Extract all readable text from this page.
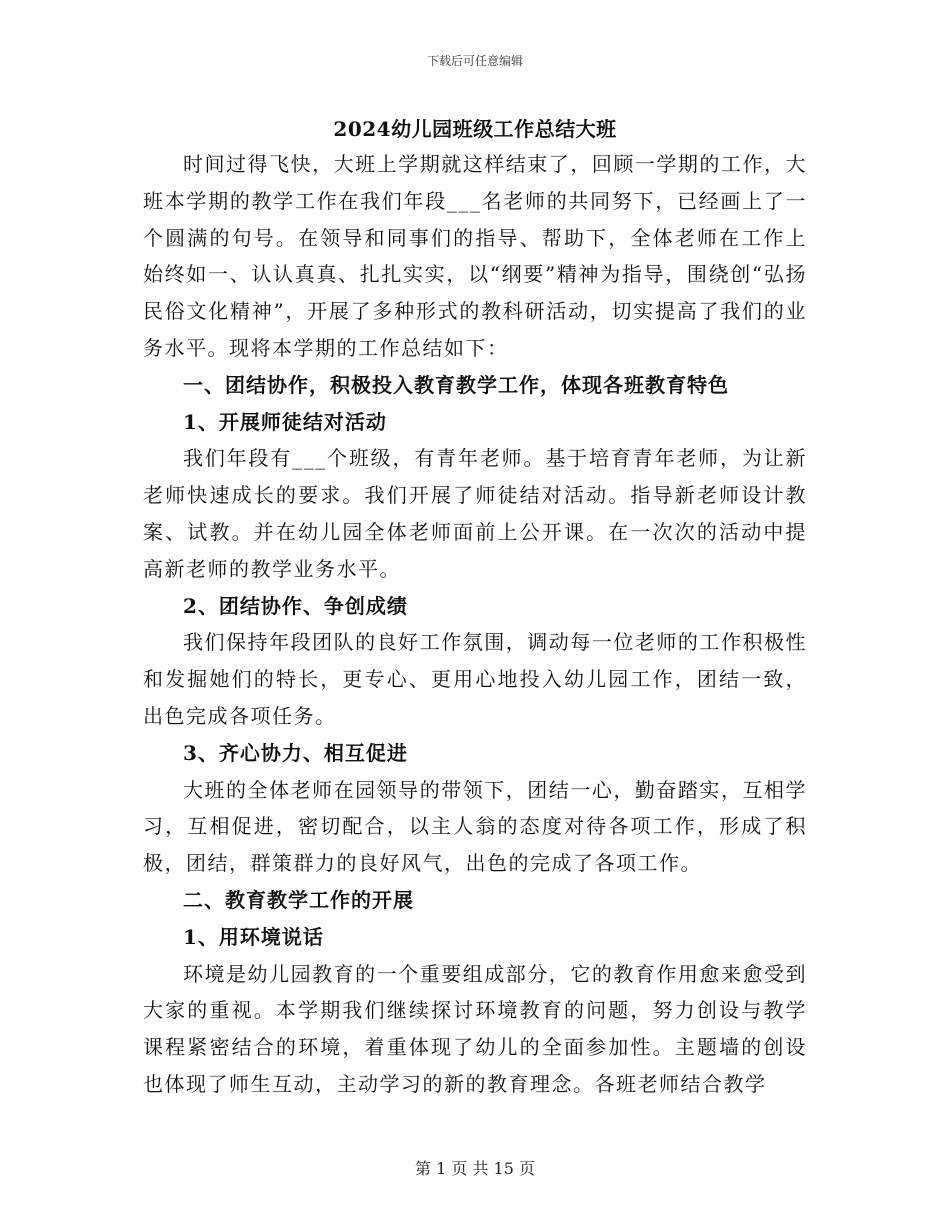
下载后可任意编辑
2024幼儿园班级工作总结大班

时间过得飞快，大班上学期就这样结束了，回顾一学期的工作，大班本学期的教学工作在我们年段___名老师的共同努下，已经画上了一个圆满的句号。在领导和同事们的指导、帮助下，全体老师在工作上始终如一、认认真真、扎扎实实，以“纲要”精神为指导，围绕创“弘扬民俗文化精神”，开展了多种形式的教科研活动，切实提高了我们的业务水平。现将本学期的工作总结如下：

一、团结协作，积极投入教育教学工作，体现各班教育特色

1、开展师徒结对活动

我们年段有___个班级，有青年老师。基于培育青年老师，为让新老师快速成长的要求。我们开展了师徒结对活动。指导新老师设计教案、试教。并在幼儿园全体老师面前上公开课。在一次次的活动中提高新老师的教学业务水平。

2、团结协作、争创成绩

我们保持年段团队的良好工作氛围，调动每一位老师的工作积极性和发掘她们的特长，更专心、更用心地投入幼儿园工作，团结一致，出色完成各项任务。

3、齐心协力、相互促进

大班的全体老师在园领导的带领下，团结一心，勤奋踏实，互相学习，互相促进，密切配合，以主人翁的态度对待各项工作，形成了积极，团结，群策群力的良好风气，出色的完成了各项工作。

二、教育教学工作的开展

1、用环境说话

环境是幼儿园教育的一个重要组成部分，它的教育作用愈来愈受到大家的重视。本学期我们继续探讨环境教育的问题，努力创设与教学课程紧密结合的环境，着重体现了幼儿的全面参加性。主题墙的创设也体现了师生互动，主动学习的新的教育理念。各班老师结合教学

第 1 页 共 15 页
